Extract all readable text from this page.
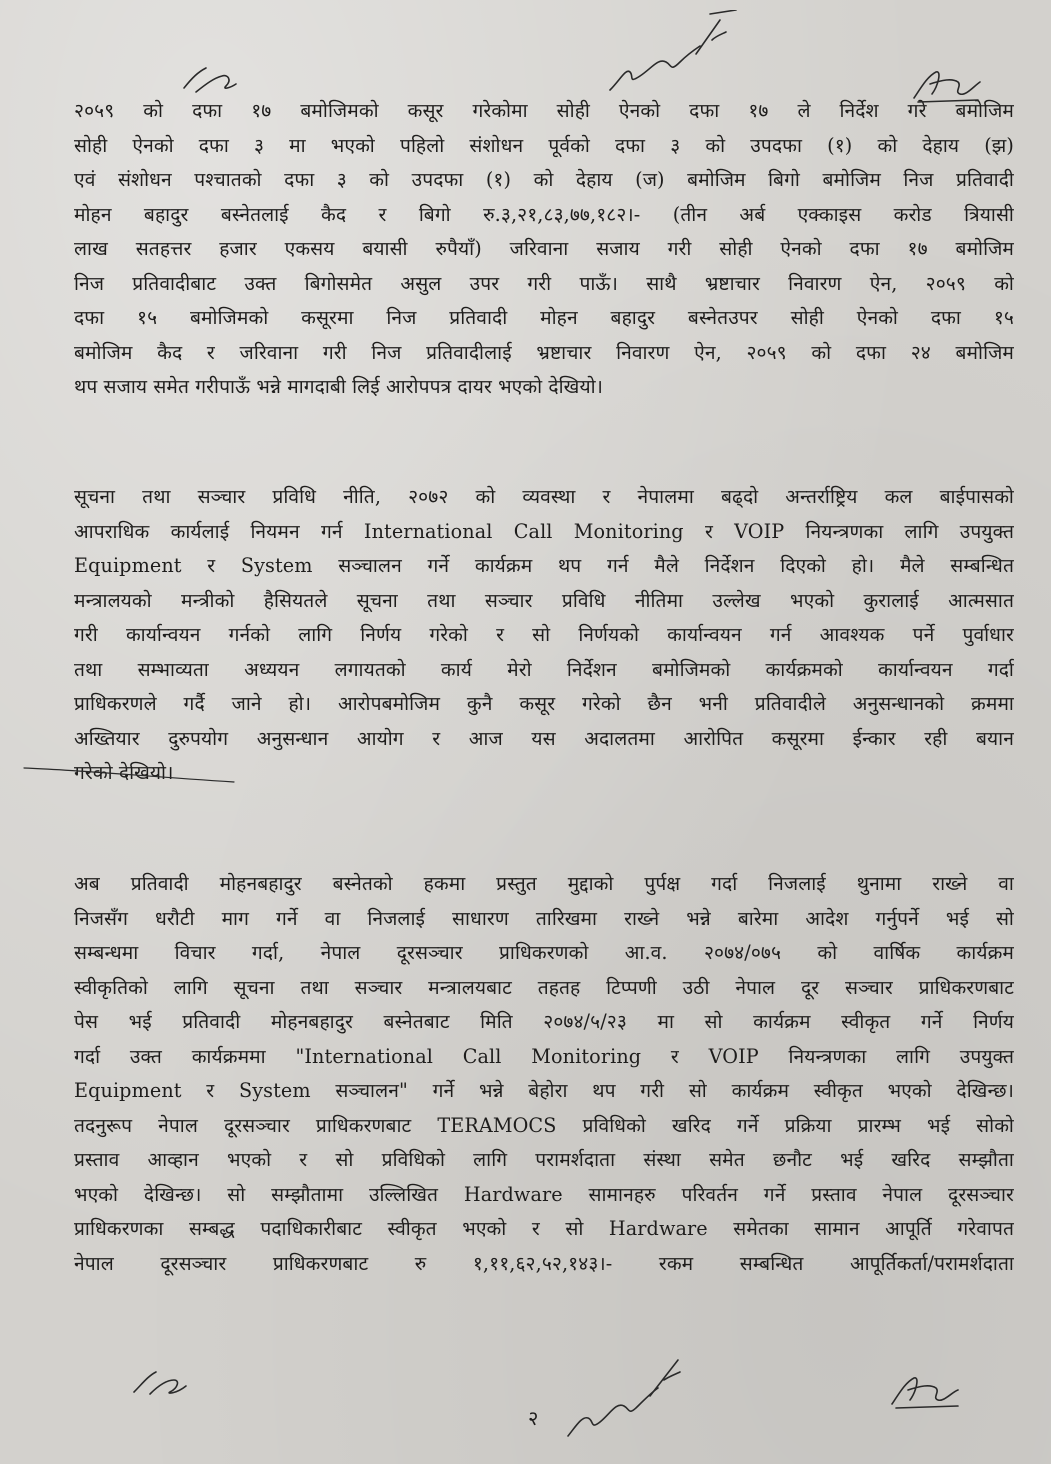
२०५९ को दफा १७ बमोजिमको कसूर गरेकोमा सोही ऐनको दफा १७ ले निर्देश गरे बमोजिम
सोही ऐनको दफा ३ मा भएको पहिलो संशोधन पूर्वको दफा ३ को उपदफा (१) को देहाय (झ)
एवं संशोधन पश्चातको दफा ३ को उपदफा (१) को देहाय (ज) बमोजिम बिगो बमोजिम निज प्रतिवादी
मोहन बहादुर बस्नेतलाई कैद र बिगो रु.३,२१,८३,७७,१८२।- (तीन अर्ब एक्काइस करोड त्रियासी
लाख सतहत्तर हजार एकसय बयासी रुपैयाँ) जरिवाना सजाय गरी सोही ऐनको दफा १७ बमोजिम
निज प्रतिवादीबाट उक्त बिगोसमेत असुल उपर गरी पाऊँ। साथै भ्रष्टाचार निवारण ऐन, २०५९ को
दफा १५ बमोजिमको कसूरमा निज प्रतिवादी मोहन बहादुर बस्नेतउपर सोही ऐनको दफा १५
बमोजिम कैद र जरिवाना गरी निज प्रतिवादीलाई भ्रष्टाचार निवारण ऐन, २०५९ को दफा २४ बमोजिम
थप सजाय समेत गरीपाऊँ भन्ने मागदाबी लिई आरोपपत्र दायर भएको देखियो।
सूचना तथा सञ्चार प्रविधि नीति, २०७२ को व्यवस्था र नेपालमा बढ्दो अन्तर्राष्ट्रिय कल बाईपासको
आपराधिक कार्यलाई नियमन गर्न International Call Monitoring र VOIP नियन्त्रणका लागि उपयुक्त
Equipment र System सञ्चालन गर्ने कार्यक्रम थप गर्न मैले निर्देशन दिएको हो। मैले सम्बन्धित
मन्त्रालयको मन्त्रीको हैसियतले सूचना तथा सञ्चार प्रविधि नीतिमा उल्लेख भएको कुरालाई आत्मसात
गरी कार्यान्वयन गर्नको लागि निर्णय गरेको र सो निर्णयको कार्यान्वयन गर्न आवश्यक पर्ने पुर्वाधार
तथा सम्भाव्यता अध्ययन लगायतको कार्य मेरो निर्देशन बमोजिमको कार्यक्रमको कार्यान्वयन गर्दा
प्राधिकरणले गर्दै जाने हो। आरोपबमोजिम कुनै कसूर गरेको छैन भनी प्रतिवादीले अनुसन्धानको क्रममा
अख्तियार दुरुपयोग अनुसन्धान आयोग र आज यस अदालतमा आरोपित कसूरमा ईन्कार रही बयान
गरेको देखियो।
अब प्रतिवादी मोहनबहादुर बस्नेतको हकमा प्रस्तुत मुद्दाको पुर्पक्ष गर्दा निजलाई थुनामा राख्ने वा
निजसँग धरौटी माग गर्ने वा निजलाई साधारण तारिखमा राख्ने भन्ने बारेमा आदेश गर्नुपर्ने भई सो
सम्बन्धमा विचार गर्दा, नेपाल दूरसञ्चार प्राधिकरणको आ.व. २०७४/०७५ को वार्षिक कार्यक्रम
स्वीकृतिको लागि सूचना तथा सञ्चार मन्त्रालयबाट तहतह टिप्पणी उठी नेपाल दूर सञ्चार प्राधिकरणबाट
पेस भई प्रतिवादी मोहनबहादुर बस्नेतबाट मिति २०७४/५/२३ मा सो कार्यक्रम स्वीकृत गर्ने निर्णय
गर्दा उक्त कार्यक्रममा "International Call Monitoring र VOIP नियन्त्रणका लागि उपयुक्त
Equipment र System सञ्चालन" गर्ने भन्ने बेहोरा थप गरी सो कार्यक्रम स्वीकृत भएको देखिन्छ।
तदनुरूप नेपाल दूरसञ्चार प्राधिकरणबाट TERAMOCS प्रविधिको खरिद गर्ने प्रक्रिया प्रारम्भ भई सोको
प्रस्ताव आव्हान भएको र सो प्रविधिको लागि परामर्शदाता संस्था समेत छनौट भई खरिद सम्झौता
भएको देखिन्छ। सो सम्झौतामा उल्लिखित Hardware सामानहरु परिवर्तन गर्ने प्रस्ताव नेपाल दूरसञ्चार
प्राधिकरणका सम्बद्ध पदाधिकारीबाट स्वीकृत भएको र सो Hardware समेतका सामान आपूर्ति गरेवापत
नेपाल दूरसञ्चार प्राधिकरणबाट रु १,११,६२,५२,१४३।- रकम सम्बन्धित आपूर्तिकर्ता/परामर्शदाता
२
